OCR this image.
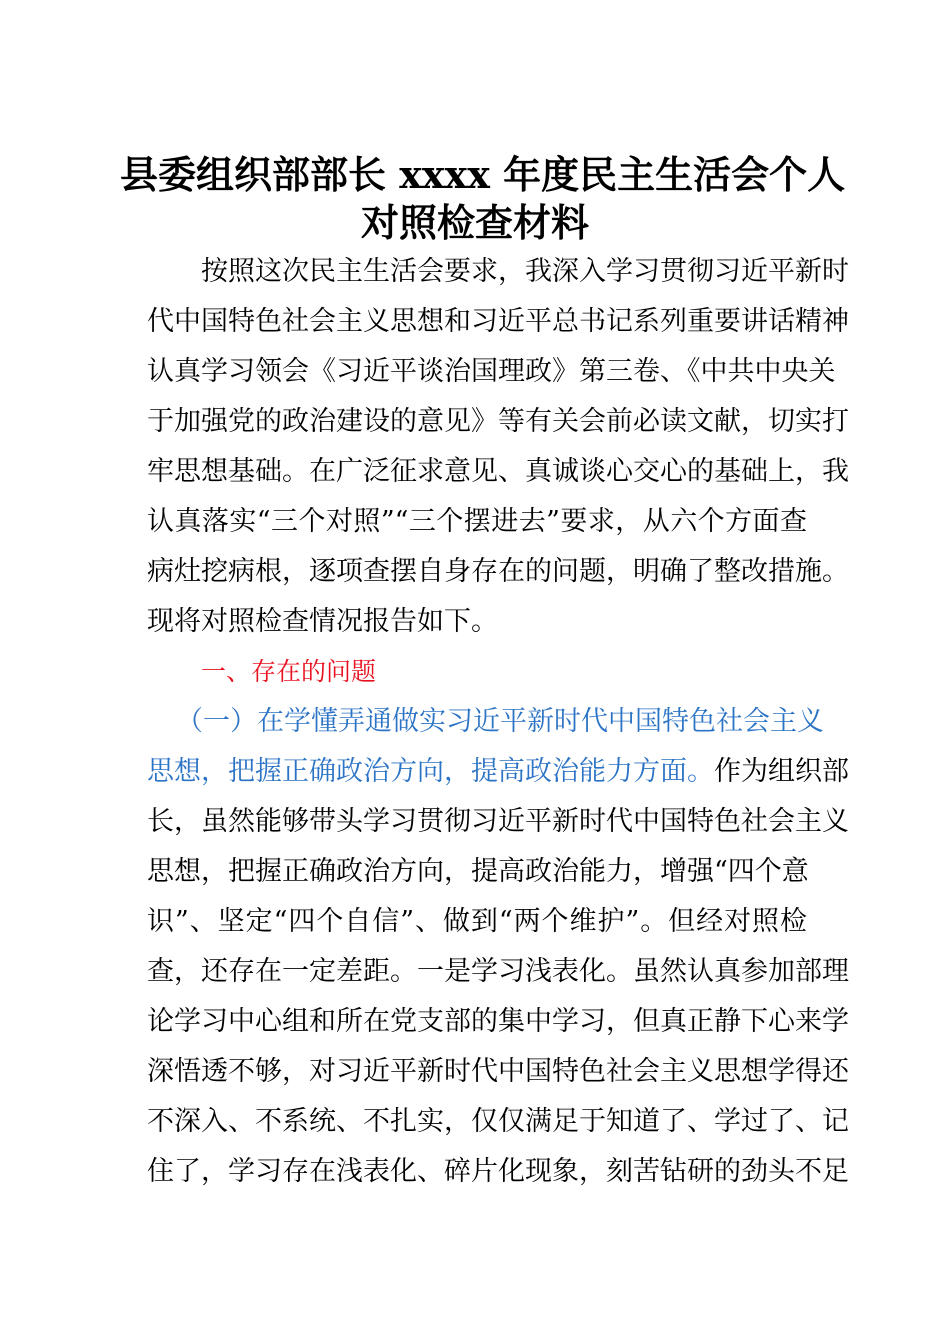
县委组织部部长 xxxx 年度民主生活会个人
对照检查材料
按照这次民主生活会要求，我深入学习贯彻习近平新时
代中国特色社会主义思想和习近平总书记系列重要讲话精神
认真学习领会《习近平谈治国理政》第三卷、《中共中央关
于加强党的政治建设的意见》等有关会前必读文献，切实打
牢思想基础。在广泛征求意见、真诚谈心交心的基础上，我
认真落实“三个对照”“三个摆进去”要求，从六个方面查
病灶挖病根，逐项查摆自身存在的问题，明确了整改措施。
现将对照检查情况报告如下。
一、存在的问题
（一）在学懂弄通做实习近平新时代中国特色社会主义
思想，把握正确政治方向，提高政治能力方面。作为组织部
长，虽然能够带头学习贯彻习近平新时代中国特色社会主义
思想，把握正确政治方向，提高政治能力，增强“四个意
识”、坚定“四个自信”、做到“两个维护”。但经对照检
查，还存在一定差距。一是学习浅表化。虽然认真参加部理
论学习中心组和所在党支部的集中学习，但真正静下心来学
深悟透不够，对习近平新时代中国特色社会主义思想学得还
不深入、不系统、不扎实，仅仅满足于知道了、学过了、记
住了，学习存在浅表化、碎片化现象，刻苦钻研的劲头不足
